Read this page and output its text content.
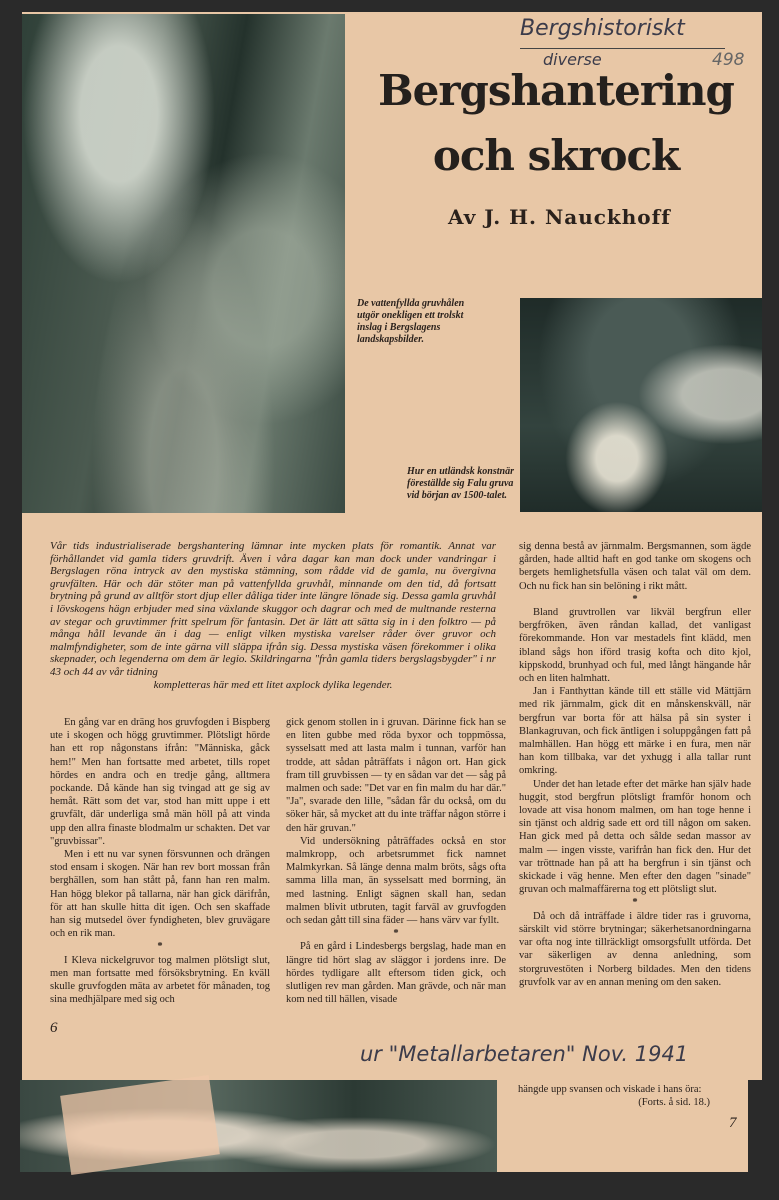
Bergshistoriskt
diverse	498
Bergshantering
och skrock
Av J. H. Nauckhoff
De vattenfyllda gruvhålen utgör onekligen ett trolskt inslag i Bergslagens landskapsbilder.
Hur en utländsk konstnär föreställde sig Falu gruva vid början av 1500-talet.
Vår tids industrialiserade bergshantering lämnar inte mycken plats för romantik. Annat var förhållandet vid gamla tiders gruvdrift. Även i våra dagar kan man dock under vandringar i Bergslagen röna intryck av den mystiska stämning, som rådde vid de gamla, nu övergivna gruvfälten. Här och där stöter man på vattenfyllda gruvhål, minnande om den tid, då fortsatt brytning på grund av alltför stort djup eller dåliga tider inte längre lönade sig. Dessa gamla gruvhål i lövskogens hägn erbjuder med sina växlande skuggor och dagrar och med de multnande resterna av stegar och gruvtimmer fritt spelrum för fantasin. Det är lätt att sätta sig in i den folktro — på många håll levande än i dag — enligt vilken mystiska varelser råder över gruvor och malmfyndigheter, som de inte gärna vill släppa ifrån sig. Dessa mystiska väsen förekommer i olika skepnader, och legenderna om dem är legio. Skildringarna "från gamla tiders bergslagsbygder" i nr 43 och 44 av vår tidning
kompletteras här med ett litet axplock dylika legender.

En gång var en dräng hos gruvfogden i Bispberg ute i skogen och högg gruvtimmer. Plötsligt hörde han ett rop någonstans ifrån: "Människa, gåck hem!" Men han fortsatte med arbetet, tills ropet hördes en andra och en tredje gång, alltmera pockande. Då kände han sig tvingad att ge sig av hemåt. Rätt som det var, stod han mitt uppe i ett gruvfält, där underliga små män höll på att vinda upp den allra finaste blodmalm ur schakten. Det var "gruvbissar".

Men i ett nu var synen försvunnen och drängen stod ensam i skogen. När han rev bort mossan från berghällen, som han stått på, fann han ren malm. Han högg blekor på tallarna, när han gick därifrån, för att han skulle hitta dit igen. Och sen skaffade han sig mutsedel över fyndigheten, blev gruvägare och en rik man.

*

I Kleva nickelgruvor tog malmen plötsligt slut, men man fortsatte med försöksbrytning. En kväll skulle gruvfogden mäta av arbetet för månaden, tog sina medhjälpare med sig och

6

gick genom stollen in i gruvan. Därinne fick han se en liten gubbe med röda byxor och toppmössa, sysselsatt med att lasta malm i tunnan, varför han trodde, att sådan påträffats i någon ort. Han gick fram till gruvbissen — ty en sådan var det — såg på malmen och sade: "Det var en fin malm du har där." "Ja", svarade den lille, "sådan får du också, om du söker här, så mycket att du inte träffar någon större i den här gruvan."

Vid undersökning påträffades också en stor malmkropp, och arbetsrummet fick namnet Malmkyrkan. Så länge denna malm bröts, sågs ofta samma lilla man, än sysselsatt med borrning, än med lastning. Enligt sägnen skall han, sedan malmen blivit utbruten, tagit farväl av gruvfogden och sedan gått till sina fäder — hans värv var fyllt.

*

På en gård i Lindesbergs bergslag, hade man en längre tid hört slag av släggor i jordens inre. De hördes tydligare allt eftersom tiden gick, och slutligen rev man gården. Man grävde, och när man kom ned till hällen, visade

sig denna bestå av järnmalm. Bergsmannen, som ägde gården, hade alltid haft en god tanke om skogens och bergets hemlighetsfulla väsen och talat väl om dem. Och nu fick han sin belöning i rikt mått.

*

Bland gruvtrollen var likväl bergfrun eller bergfröken, även råndan kallad, det vanligast förekommande. Hon var mestadels fint klädd, men ibland sågs hon iförd trasig kofta och dito kjol, kippskodd, brunhyad och ful, med långt hängande hår och en liten halmhatt.

Jan i Fanthyttan kände till ett ställe vid Mättjärn med rik järnmalm, gick dit en månskenskväll, när bergfrun var borta för att hälsa på sin syster i Blankagruvan, och fick äntligen i soluppgången fatt på malmhällen. Han högg ett märke i en fura, men när han kom tillbaka, var det yxhugg i alla tallar runt omkring.

Under det han letade efter det märke han själv hade huggit, stod bergfrun plötsligt framför honom och lovade att visa honom malmen, om han toge henne i sin tjänst och aldrig sade ett ord till någon om saken. Han gick med på detta och sålde sedan massor av malm — ingen visste, varifrån han fick den. Hur det var tröttnade han på att ha bergfrun i sin tjänst och skickade i väg henne. Men efter den dagen "sinade" gruvan och malmaffärerna tog ett plötsligt slut.

*

Då och då inträffade i äldre tider ras i gruvorna, särskilt vid större brytningar; säkerhetsanordningarna var ofta nog inte tillräckligt omsorgsfullt utförda. Det var säkerligen av denna anledning, som storgruvestöten i Norberg bildades. Men den tidens gruvfolk var av en annan mening om den saken.

ur "Metallarbetaren" Nov. 1941

hängde upp svansen och viskade i hans öra:

(Forts. å sid. 18.)

7
